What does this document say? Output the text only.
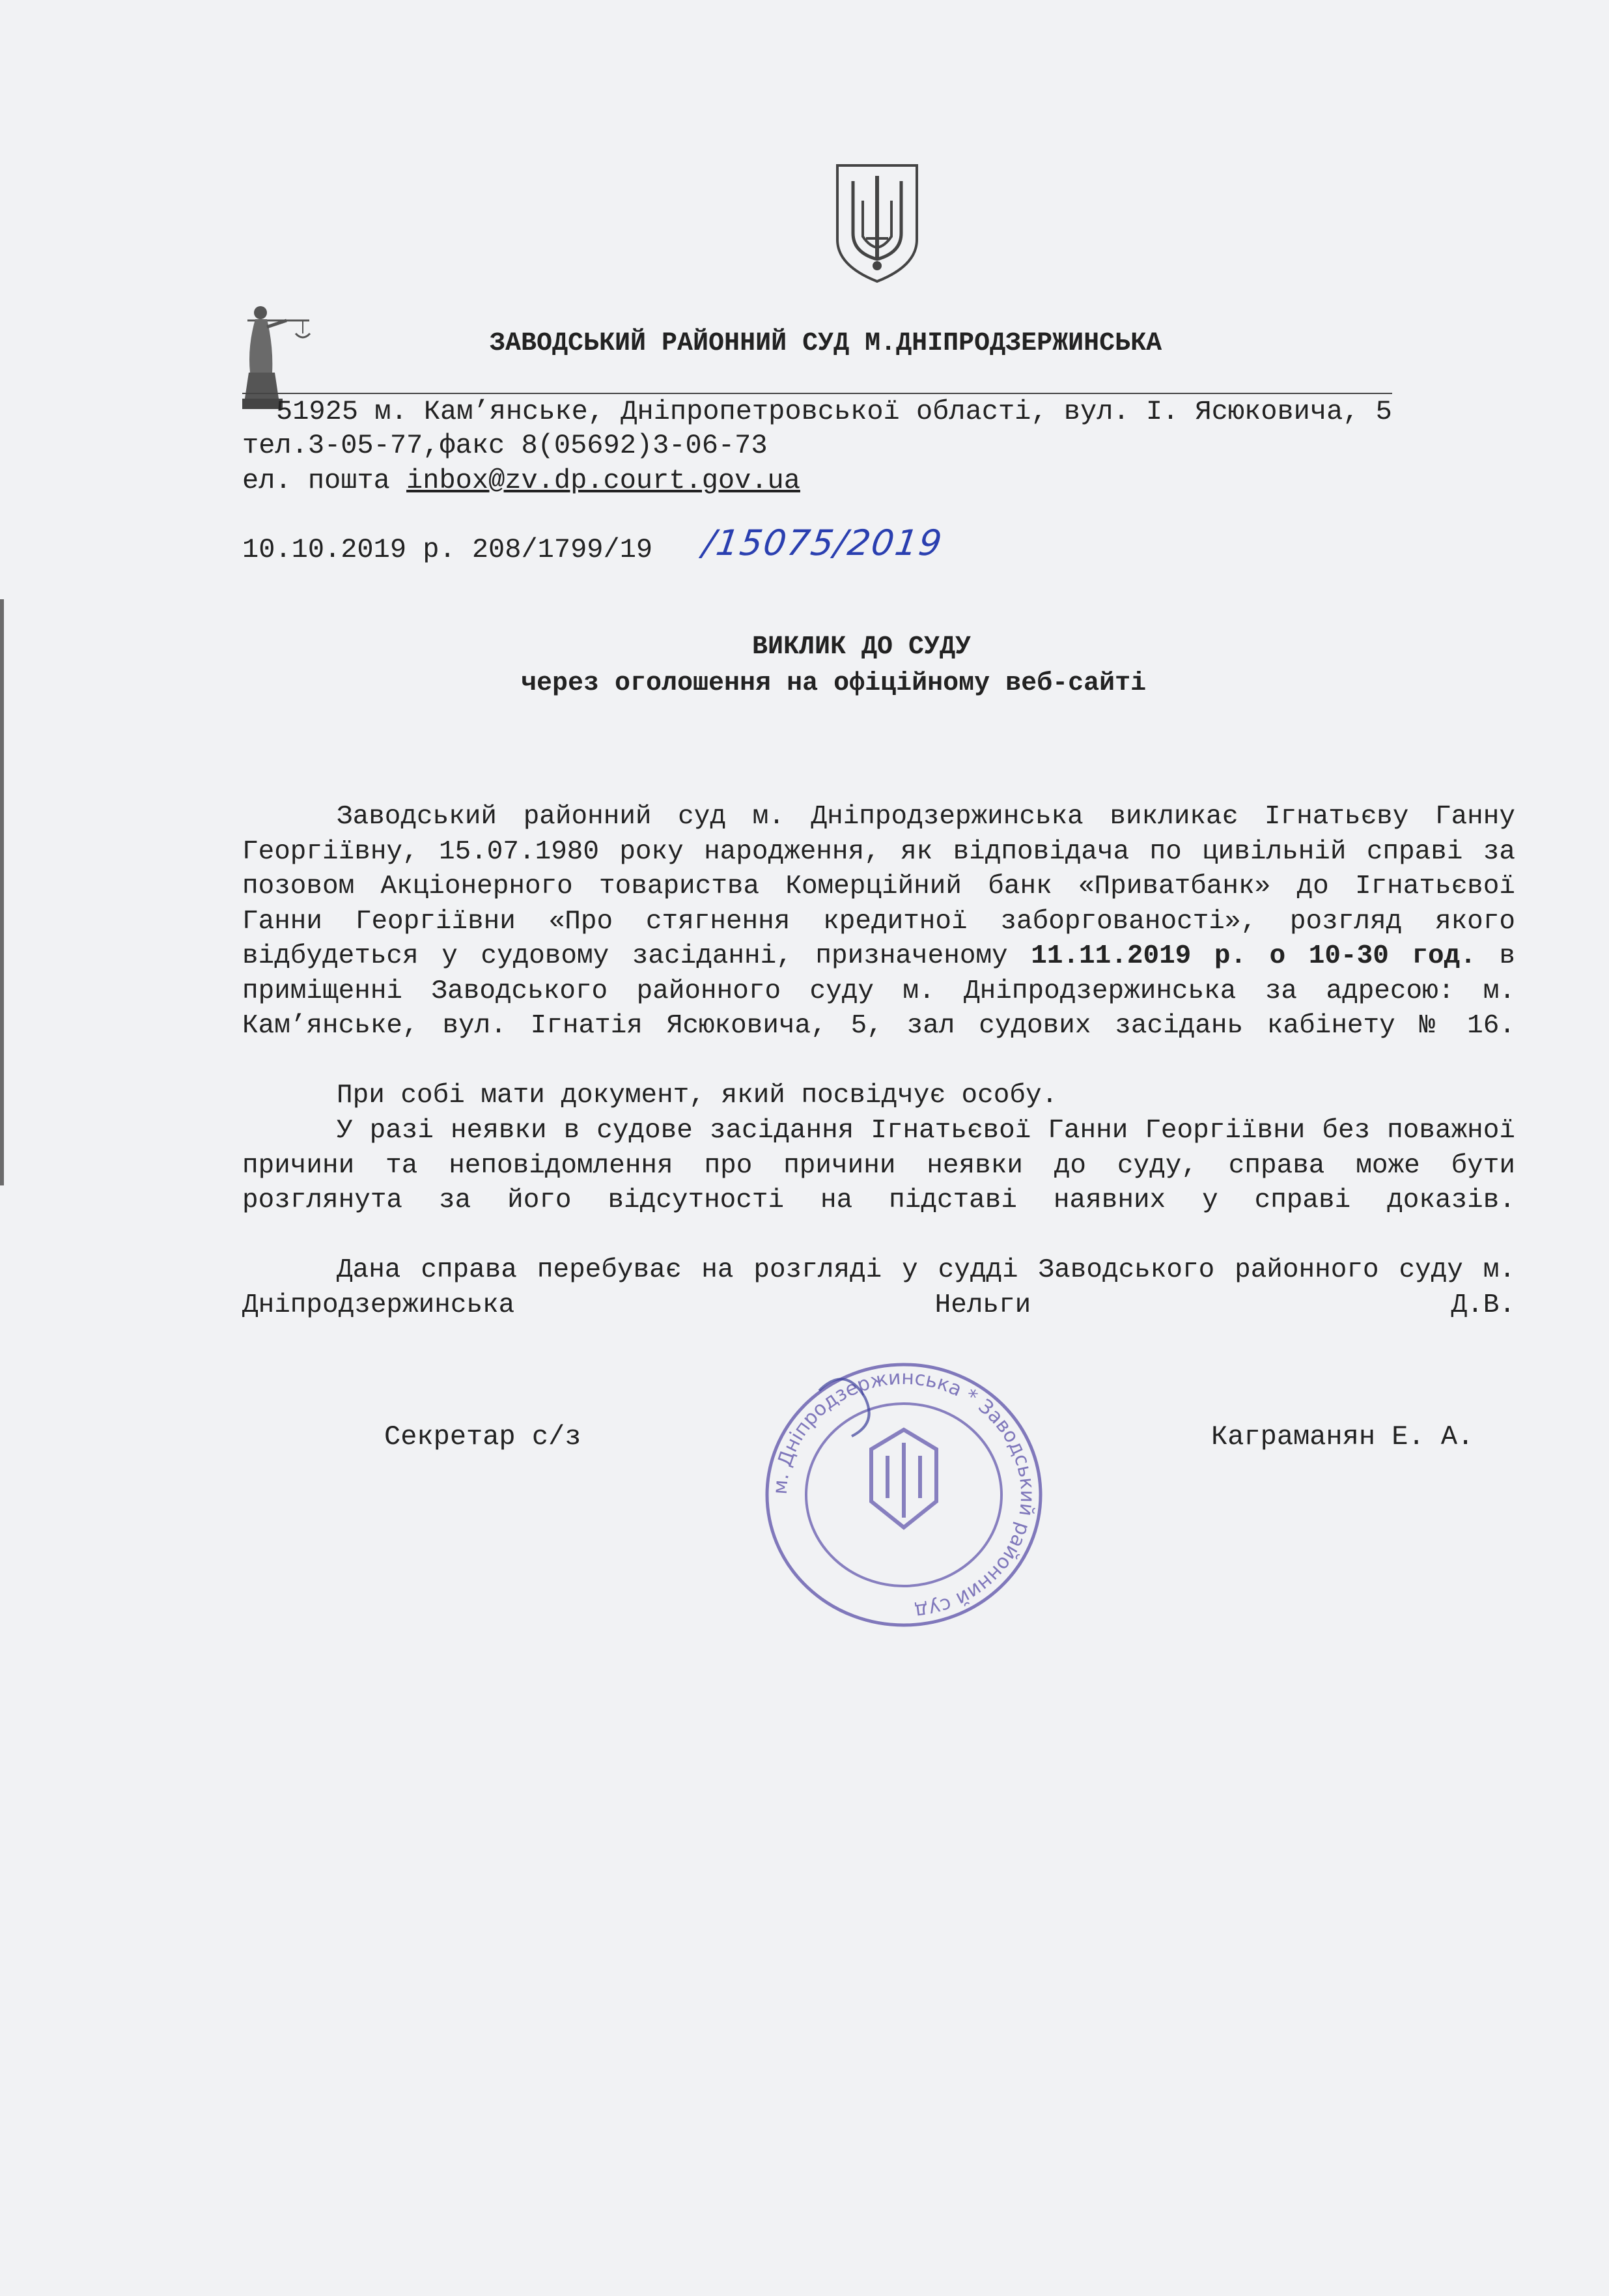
ЗАВОДСЬКИЙ РАЙОННИЙ СУД М.ДНІПРОДЗЕРЖИНСЬКА
51925 м. Кам’янське, Дніпропетровської області, вул. І. Ясюковича, 5
тел.3-05-77,факс 8(05692)3-06-73
ел. пошта inbox@zv.dp.court.gov.ua
10.10.2019 р. 208/1799/19 /15075/2019
ВИКЛИК ДО СУДУ
через оголошення на офіційному веб-сайті
Заводський районний суд м. Дніпродзержинська викликає Ігнатьєву Ганну Георгіївну, 15.07.1980 року народження, як відповідача по цивільній справі за позовом Акціонерного товариства Комерційний банк «Приватбанк» до Ігнатьєвої Ганни Георгіївни «Про стягнення кредитної заборгованості», розгляд якого відбудеться у судовому засіданні, призначеному 11.11.2019 р. о 10-30 год. в приміщенні Заводського районного суду м. Дніпродзержинська за адресою: м. Кам’янське, вул. Ігнатія Ясюковича, 5, зал судових засідань кабінету № 16.
При собі мати документ, який посвідчує особу.
У разі неявки в судове засідання Ігнатьєвої Ганни Георгіївни без поважної причини та неповідомлення про причини неявки до суду, справа може бути розглянута за його відсутності на підставі наявних у справі доказів.
Дана справа перебуває на розгляді у судді Заводського районного суду м. Дніпродзержинська Нельги Д.В.
Секретар с/з	Каграманян Е. А.
м. Дніпродзержинська * Заводський районний суд
